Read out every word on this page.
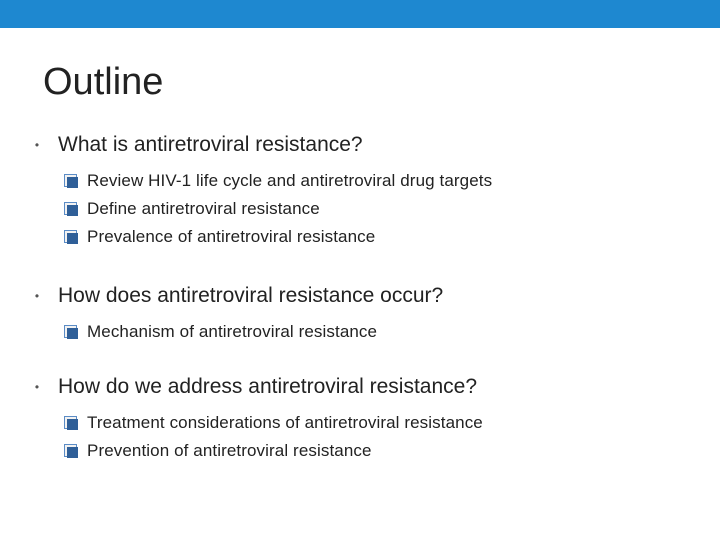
Outline
• What is antiretroviral resistance?
Review HIV-1 life cycle and antiretroviral drug targets
Define antiretroviral resistance
Prevalence of antiretroviral resistance
• How does antiretroviral resistance occur?
Mechanism of antiretroviral resistance
• How do we address antiretroviral resistance?
Treatment considerations of antiretroviral resistance
Prevention of antiretroviral resistance
